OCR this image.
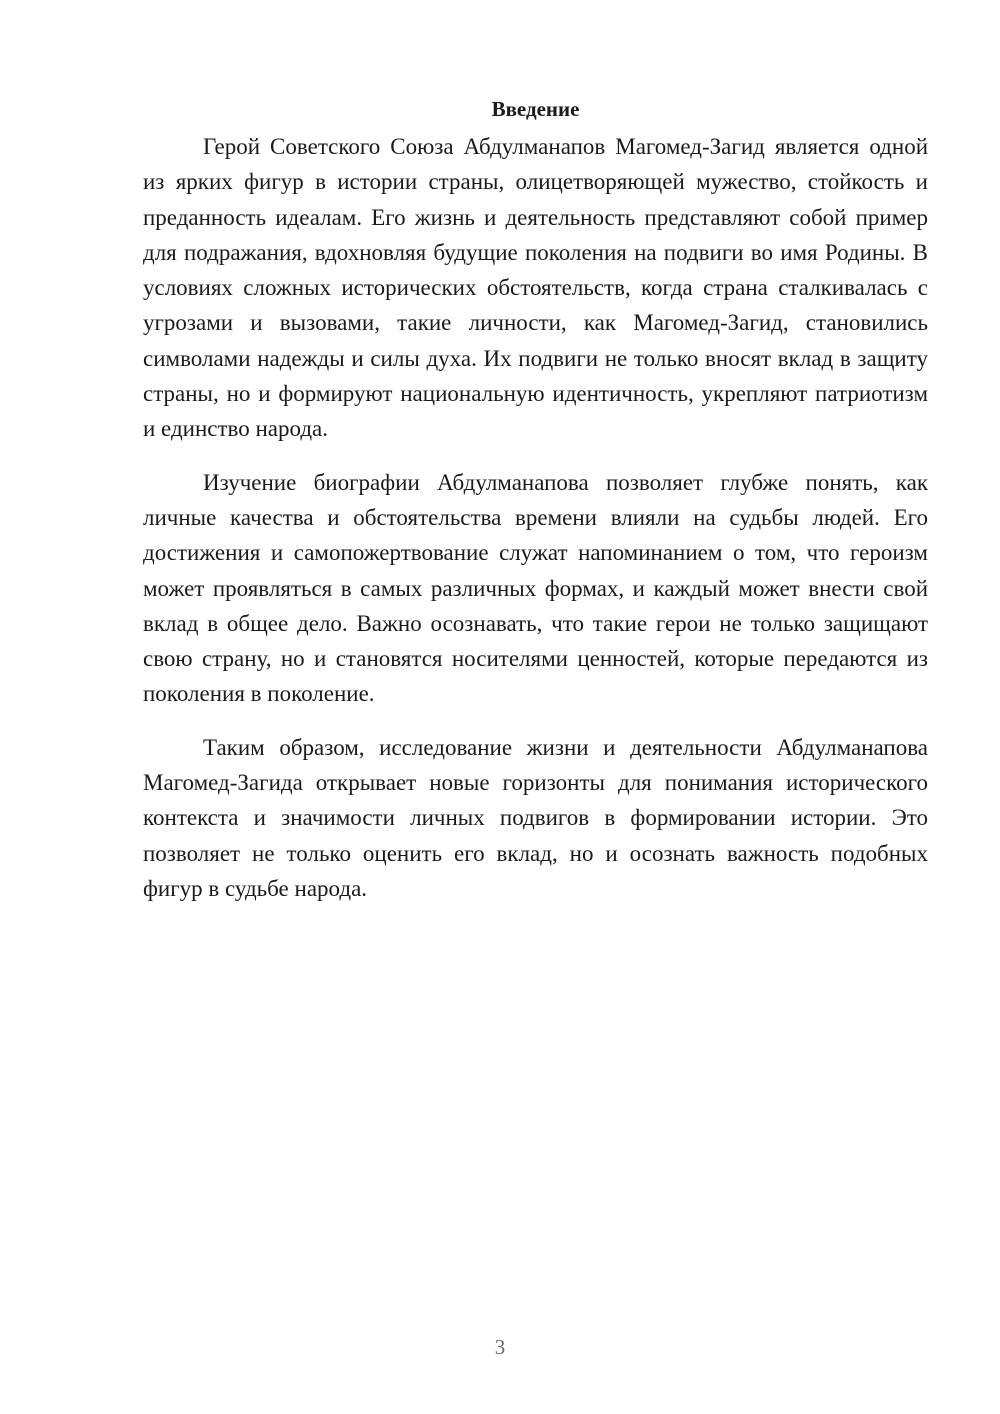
Введение

Герой Советского Союза Абдулманапов Магомед-Загид является одной из ярких фигур в истории страны, олицетворяющей мужество, стойкость и преданность идеалам. Его жизнь и деятельность представляют собой пример для подражания, вдохновляя будущие поколения на подвиги во имя Родины. В условиях сложных исторических обстоятельств, когда страна сталкивалась с угрозами и вызовами, такие личности, как Магомед-Загид, становились символами надежды и силы духа. Их подвиги не только вносят вклад в защиту страны, но и формируют национальную идентичность, укрепляют патриотизм и единство народа.

Изучение биографии Абдулманапова позволяет глубже понять, как личные качества и обстоятельства времени влияли на судьбы людей. Его достижения и самопожертвование служат напоминанием о том, что героизм может проявляться в самых различных формах, и каждый может внести свой вклад в общее дело. Важно осознавать, что такие герои не только защищают свою страну, но и становятся носителями ценностей, которые передаются из поколения в поколение.

Таким образом, исследование жизни и деятельности Абдулманапова Магомед-Загида открывает новые горизонты для понимания исторического контекста и значимости личных подвигов в формировании истории. Это позволяет не только оценить его вклад, но и осознать важность подобных фигур в судьбе народа.

3
